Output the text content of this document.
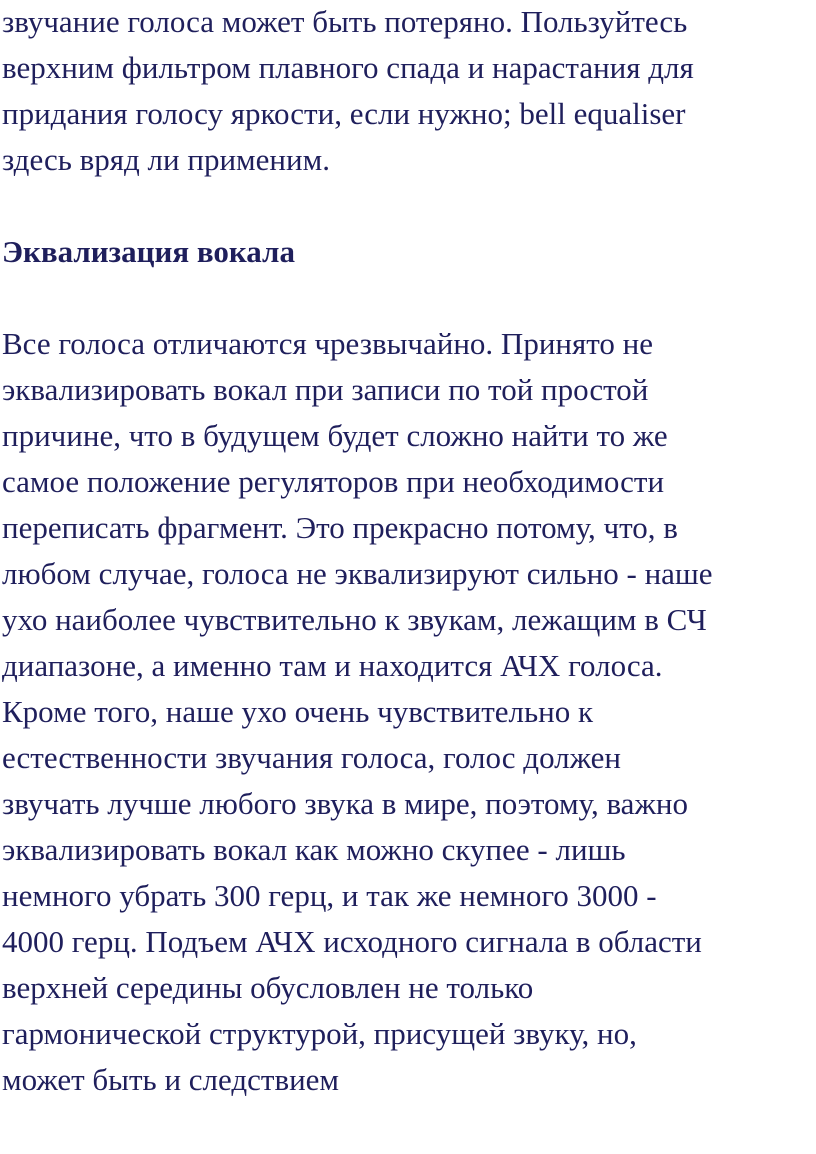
звучание голоса может быть потеряно. Пользуйтесь
верхним фильтром плавного спада и нарастания для
придания голосу яркости, если нужно; bell equaliser
здесь вряд ли применим.
Эквализация вокала
Все голоса отличаются чрезвычайно. Принято не
эквализировать вокал при записи по той простой
причине, что в будущем будет сложно найти то же
самое положение регуляторов при необходимости
переписать фрагмент. Это прекрасно потому, что, в
любом случае, голоса не эквализируют сильно - наше
ухо наиболее чувствительно к звукам, лежащим в СЧ
диапазоне, а именно там и находится АЧХ голоса.
Кроме того, наше ухо очень чувствительно к
естественности звучания голоса, голос должен
звучать лучше любого звука в мире, поэтому, важно
эквализировать вокал как можно скупее - лишь
немного убрать 300 герц, и так же немного 3000 -
4000 герц. Подъем АЧХ исходного сигнала в области
верхней середины обусловлен не только
гармонической структурой, присущей звуку, но,
может быть и следствием
